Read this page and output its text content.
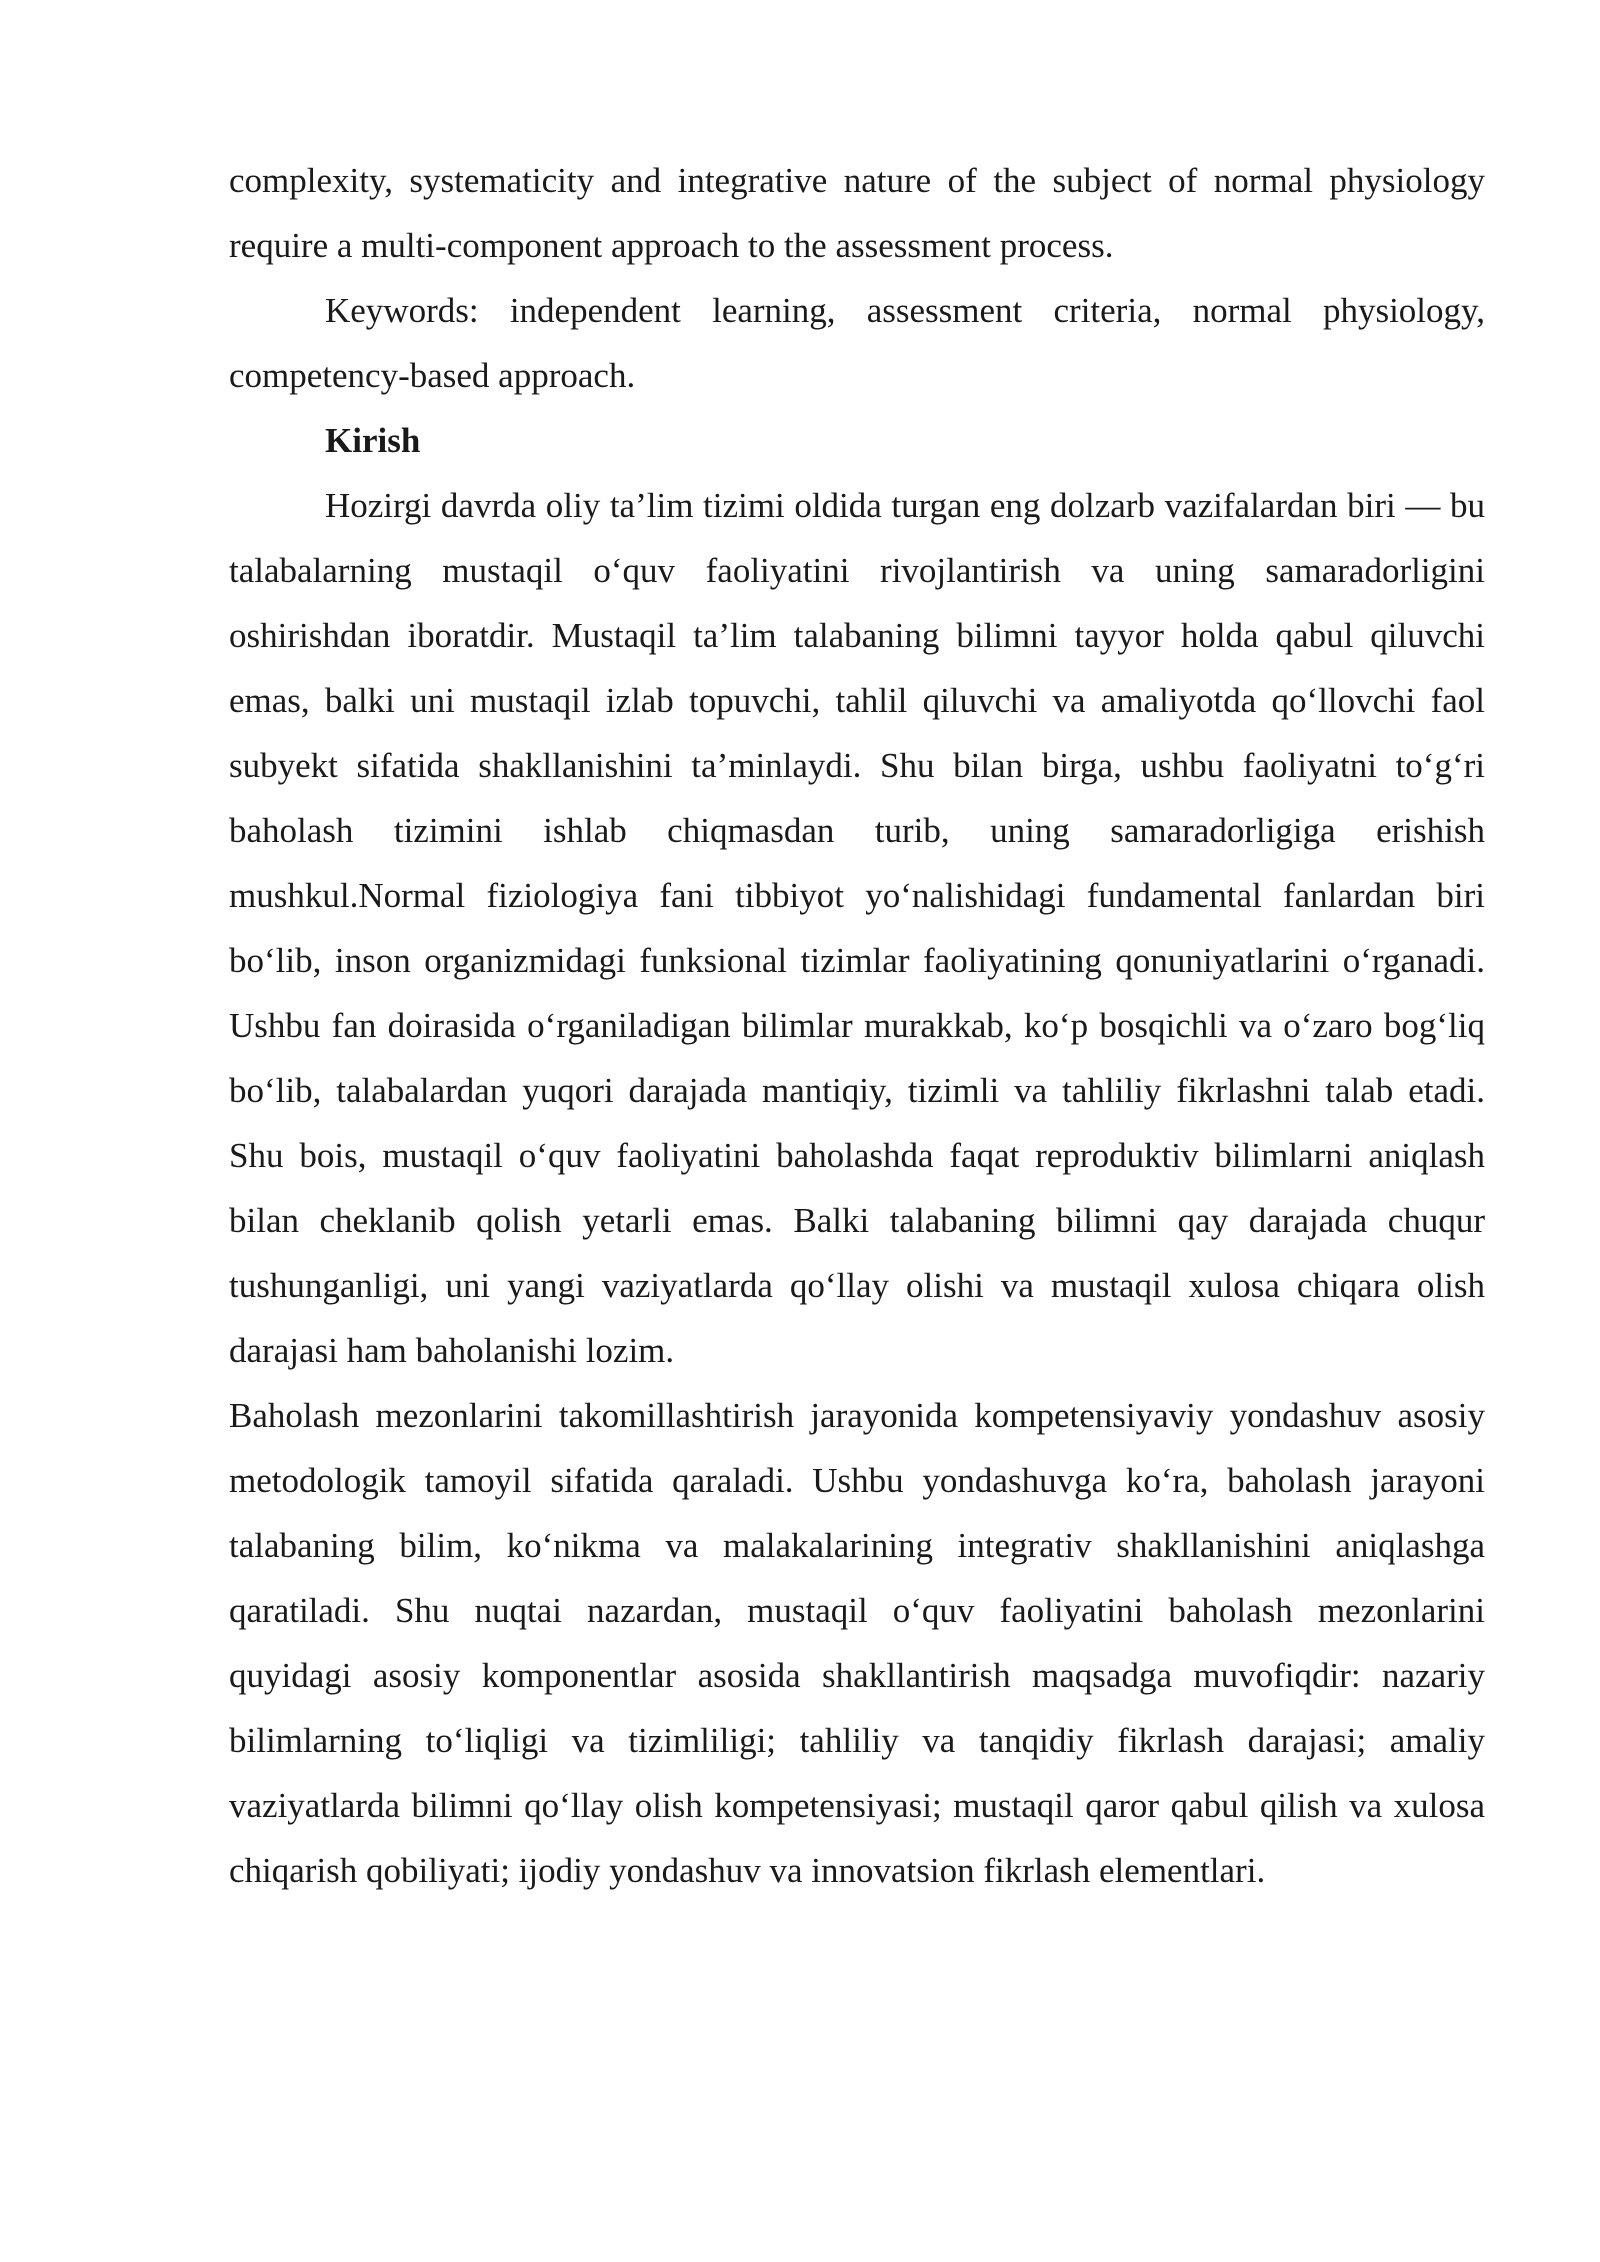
complexity, systematicity and integrative nature of the subject of normal physiology require a multi-component approach to the assessment process.

Keywords: independent learning, assessment criteria, normal physiology, competency-based approach.

Kirish

Hozirgi davrda oliy ta’lim tizimi oldida turgan eng dolzarb vazifalardan biri — bu talabalarning mustaqil o‘quv faoliyatini rivojlantirish va uning samaradorligini oshirishdan iboratdir. Mustaqil ta’lim talabaning bilimni tayyor holda qabul qiluvchi emas, balki uni mustaqil izlab topuvchi, tahlil qiluvchi va amaliyotda qo‘llovchi faol subyekt sifatida shakllanishini ta’minlaydi. Shu bilan birga, ushbu faoliyatni to‘g‘ri baholash tizimini ishlab chiqmasdan turib, uning samaradorligiga erishish mushkul.Normal fiziologiya fani tibbiyot yo‘nalishidagi fundamental fanlardan biri bo‘lib, inson organizmidagi funksional tizimlar faoliyatining qonuniyatlarini o‘rganadi. Ushbu fan doirasida o‘rganiladigan bilimlar murakkab, ko‘p bosqichli va o‘zaro bog‘liq bo‘lib, talabalardan yuqori darajada mantiqiy, tizimli va tahliliy fikrlashni talab etadi. Shu bois, mustaqil o‘quv faoliyatini baholashda faqat reproduktiv bilimlarni aniqlash bilan cheklanib qolish yetarli emas. Balki talabaning bilimni qay darajada chuqur tushunganligi, uni yangi vaziyatlarda qo‘llay olishi va mustaqil xulosa chiqara olish darajasi ham baholanishi lozim.

Baholash mezonlarini takomillashtirish jarayonida kompetensiyaviy yondashuv asosiy metodologik tamoyil sifatida qaraladi. Ushbu yondashuvga ko‘ra, baholash jarayoni talabaning bilim, ko‘nikma va malakalarining integrativ shakllanishini aniqlashga qaratiladi. Shu nuqtai nazardan, mustaqil o‘quv faoliyatini baholash mezonlarini quyidagi asosiy komponentlar asosida shakllantirish maqsadga muvofiqdir: nazariy bilimlarning to‘liqligi va tizimliligi; tahliliy va tanqidiy fikrlash darajasi; amaliy vaziyatlarda bilimni qo‘llay olish kompetensiyasi; mustaqil qaror qabul qilish va xulosa chiqarish qobiliyati; ijodiy yondashuv va innovatsion fikrlash elementlari.
